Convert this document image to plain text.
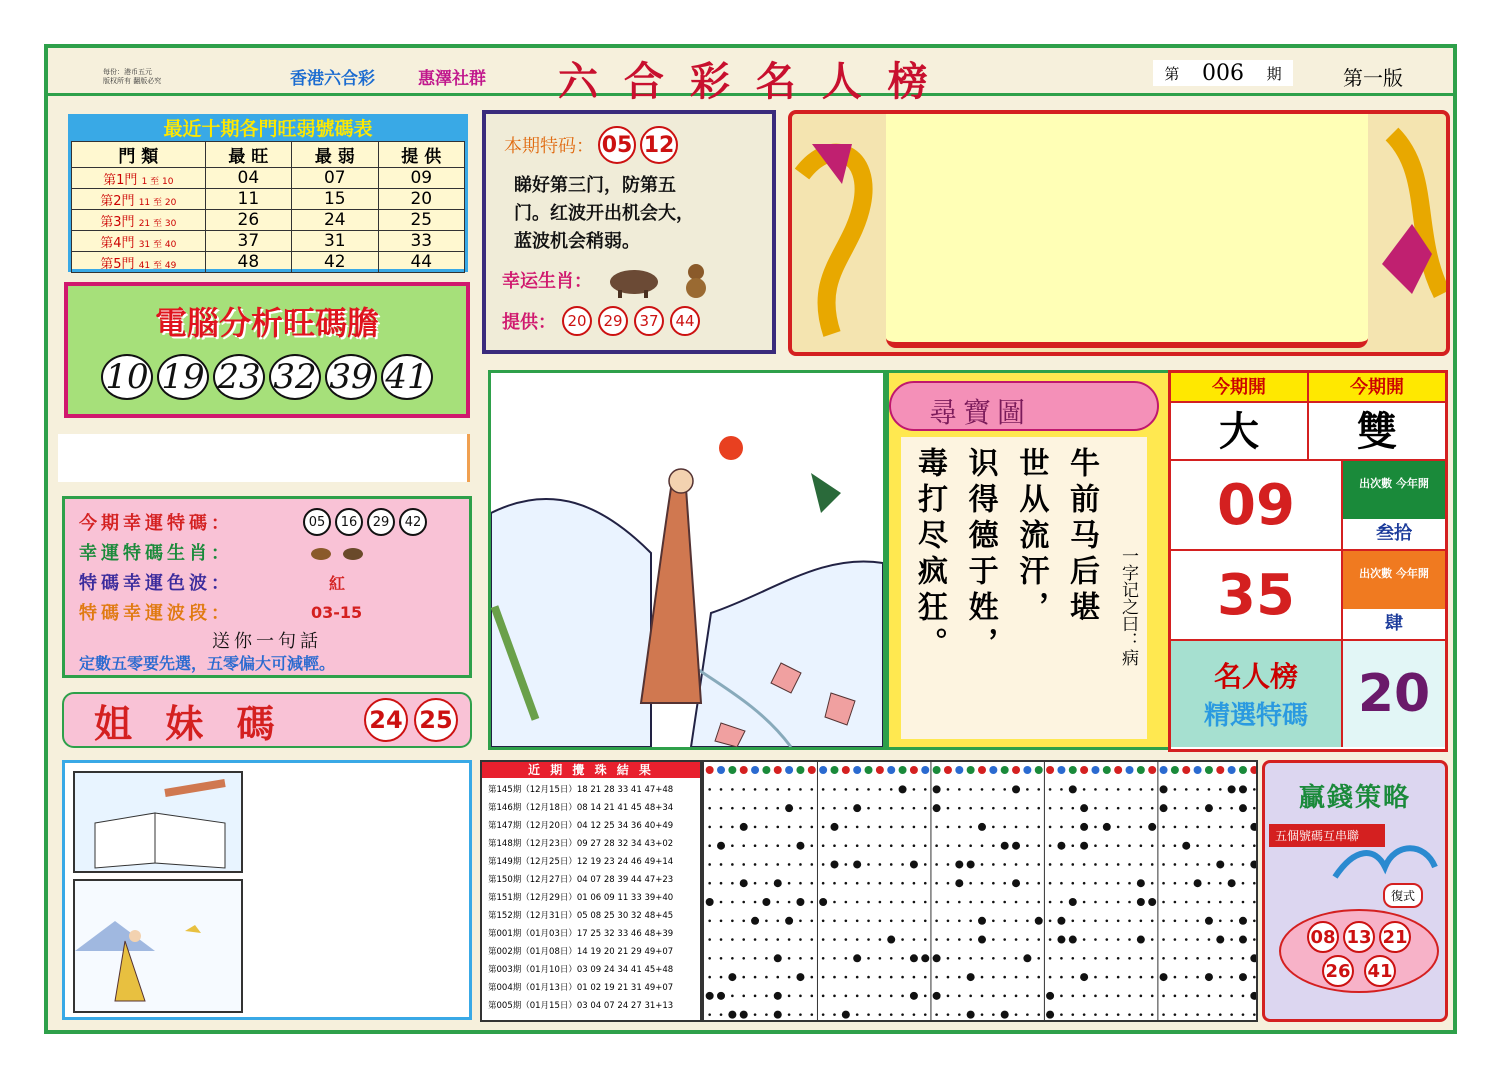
每份：港币五元
版权所有 翻版必究	香港六合彩	惠澤社群 六 合 彩 名 人 榜	第 006 期	第一版
最近十期各門旺弱號碼表
門 類	最 旺	最 弱	提 供
第1門 1 至 10	04	07	09
第2門 11 至 20	11	15	20
第3門 21 至 30	26	24	25
第4門 31 至 40	37	31	33
第5門 41 至 49	48	42	44
電腦分析旺碼膽
10 19 23 32 39 41
本期特码： 05 12
睇好第三门，防第五
门。红波开出机会大，
蓝波机会稍弱。
幸运生肖：
提供： 20	29	37	44
尋寶圖
牛前马后堪
世从流汗，
识得德于姓，
毒打尽疯狂。	一字记之曰：病
今期開	今期開
大	雙
09	出次數 今年開
叁拾
35	出次數 今年開
肆
名人榜
精選特碼 20
今期幸運特碼：	05	16	29	42
幸運特碼生肖：
特碼幸運色波：	紅
特碼幸運波段：	03-15
送你一句話
定數五零要先選，五零偏大可減輕。
姐 妹 碼	24 25
近 期 攪 珠 結 果
第145期（12月15日）18 21 28 33 41 47+48
第146期（12月18日）08 14 21 41 45 48+34
第147期（12月20日）04 12 25 34 36 40+49
第148期（12月23日）09 27 28 32 34 43+02
第149期（12月25日）12 19 23 24 46 49+14
第150期（12月27日）04 07 28 39 44 47+23
第151期（12月29日）01 06 09 11 33 39+40
第152期（12月31日）05 08 25 30 32 48+45
第001期（01月03日）17 25 32 33 46 48+39
第002期（01月08日）14 19 20 21 29 49+07
第003期（01月10日）03 09 24 34 41 45+48
第004期（01月13日）01 02 19 21 31 49+07
第005期（01月15日）03 04 07 24 27 31+13
贏錢策略
五個號碼互串聯
復式
08 13 21
26 41
